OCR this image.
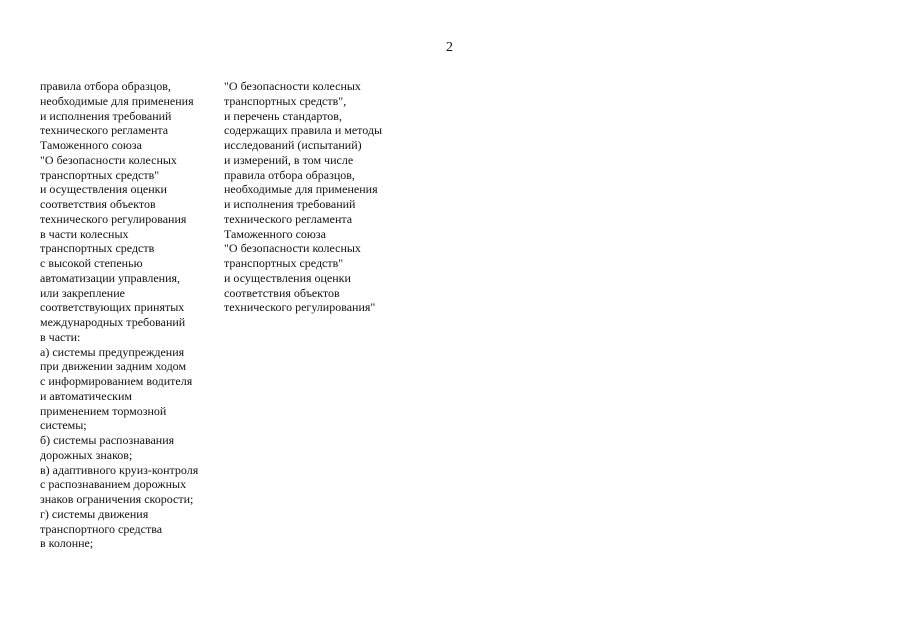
2
правила отбора образцов,
необходимые для применения
и исполнения требований
технического регламента
Таможенного союза
"О безопасности колесных
транспортных средств"
и осуществления оценки
соответствия объектов
технического регулирования
в части колесных
транспортных средств
с высокой степенью
автоматизации управления,
или закрепление
соответствующих принятых
международных требований
в части:
а) системы предупреждения
при движении задним ходом
с информированием водителя
и автоматическим
применением тормозной
системы;
б) системы распознавания
дорожных знаков;
в) адаптивного круиз-контроля
с распознаванием дорожных
знаков ограничения скорости;
г) системы движения
транспортного средства
в колонне;
"О безопасности колесных
транспортных средств",
и перечень стандартов,
содержащих правила и методы
исследований (испытаний)
и измерений, в том числе
правила отбора образцов,
необходимые для применения
и исполнения требований
технического регламента
Таможенного союза
"О безопасности колесных
транспортных средств"
и осуществления оценки
соответствия объектов
технического регулирования"
